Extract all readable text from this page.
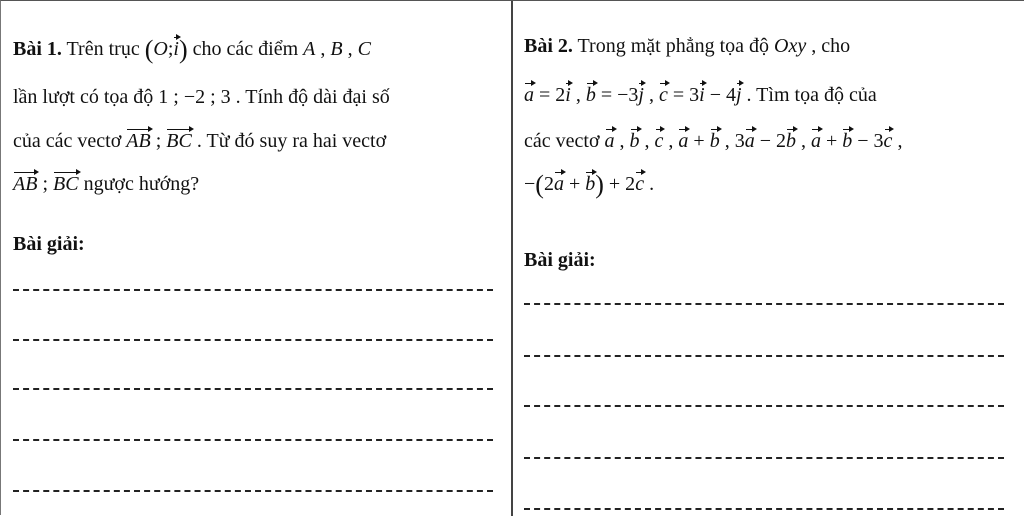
Bài 1. Trên trục (O;i) cho các điểm A , B , C
lần lượt có tọa độ 1 ; −2 ; 3 . Tính độ dài đại số
của các vectơ AB ; BC . Từ đó suy ra hai vectơ
AB ; BC ngược hướng?
Bài giải:
Bài 2. Trong mặt phẳng tọa độ Oxy , cho
a = 2i , b = −3j , c = 3i − 4j . Tìm tọa độ của
các vectơ a , b , c , a + b , 3a − 2b , a + b − 3c ,
−(2a + b) + 2c .
Bài giải:
